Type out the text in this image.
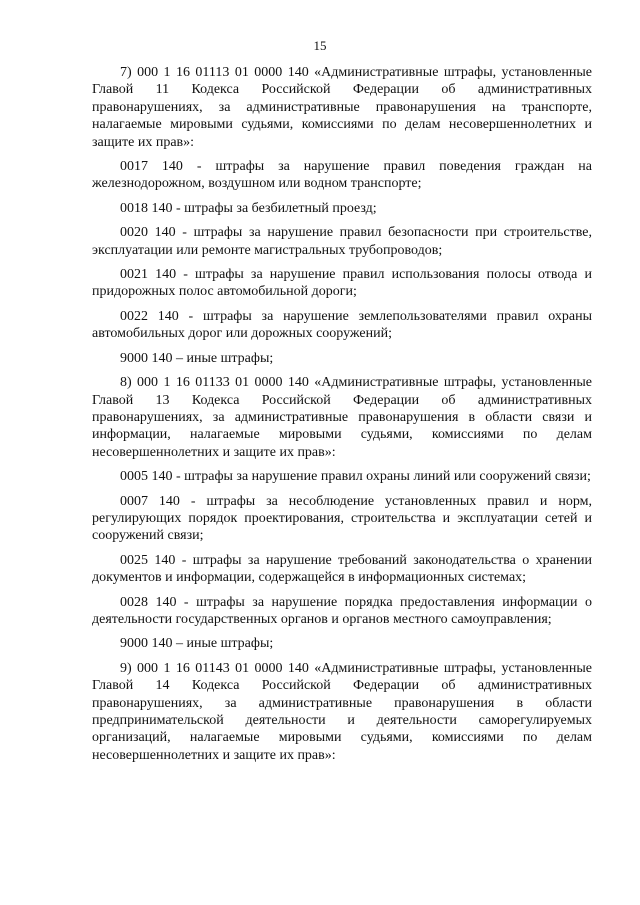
15

7) 000 1 16 01113 01 0000 140 «Административные штрафы, установленные Главой 11 Кодекса Российской Федерации об административных правонарушениях, за административные правонарушения на транспорте, налагаемые мировыми судьями, комиссиями по делам несовершеннолетних и защите их прав»:

0017 140 - штрафы за нарушение правил поведения граждан на железнодорожном, воздушном или водном транспорте;

0018 140 - штрафы за безбилетный проезд;

0020 140 - штрафы за нарушение правил безопасности при строительстве, эксплуатации или ремонте магистральных трубопроводов;

0021 140 - штрафы за нарушение правил использования полосы отвода и придорожных полос автомобильной дороги;

0022 140 - штрафы за нарушение землепользователями правил охраны автомобильных дорог или дорожных сооружений;

9000 140 – иные штрафы;

8) 000 1 16 01133 01 0000 140 «Административные штрафы, установленные Главой 13 Кодекса Российской Федерации об административных правонарушениях, за административные правонарушения в области связи и информации, налагаемые мировыми судьями, комиссиями по делам несовершеннолетних и защите их прав»:

0005 140 - штрафы за нарушение правил охраны линий или сооружений связи;

0007 140 - штрафы за несоблюдение установленных правил и норм, регулирующих порядок проектирования, строительства и эксплуатации сетей и сооружений связи;

0025 140 - штрафы за нарушение требований законодательства о хранении документов и информации, содержащейся в информационных системах;

0028 140 - штрафы за нарушение порядка предоставления информации о деятельности государственных органов и органов местного самоуправления;

9000 140 – иные штрафы;

9) 000 1 16 01143 01 0000 140 «Административные штрафы, установленные Главой 14 Кодекса Российской Федерации об административных правонарушениях, за административные правонарушения в области предпринимательской деятельности и деятельности саморегулируемых организаций, налагаемые мировыми судьями, комиссиями по делам несовершеннолетних и защите их прав»:
